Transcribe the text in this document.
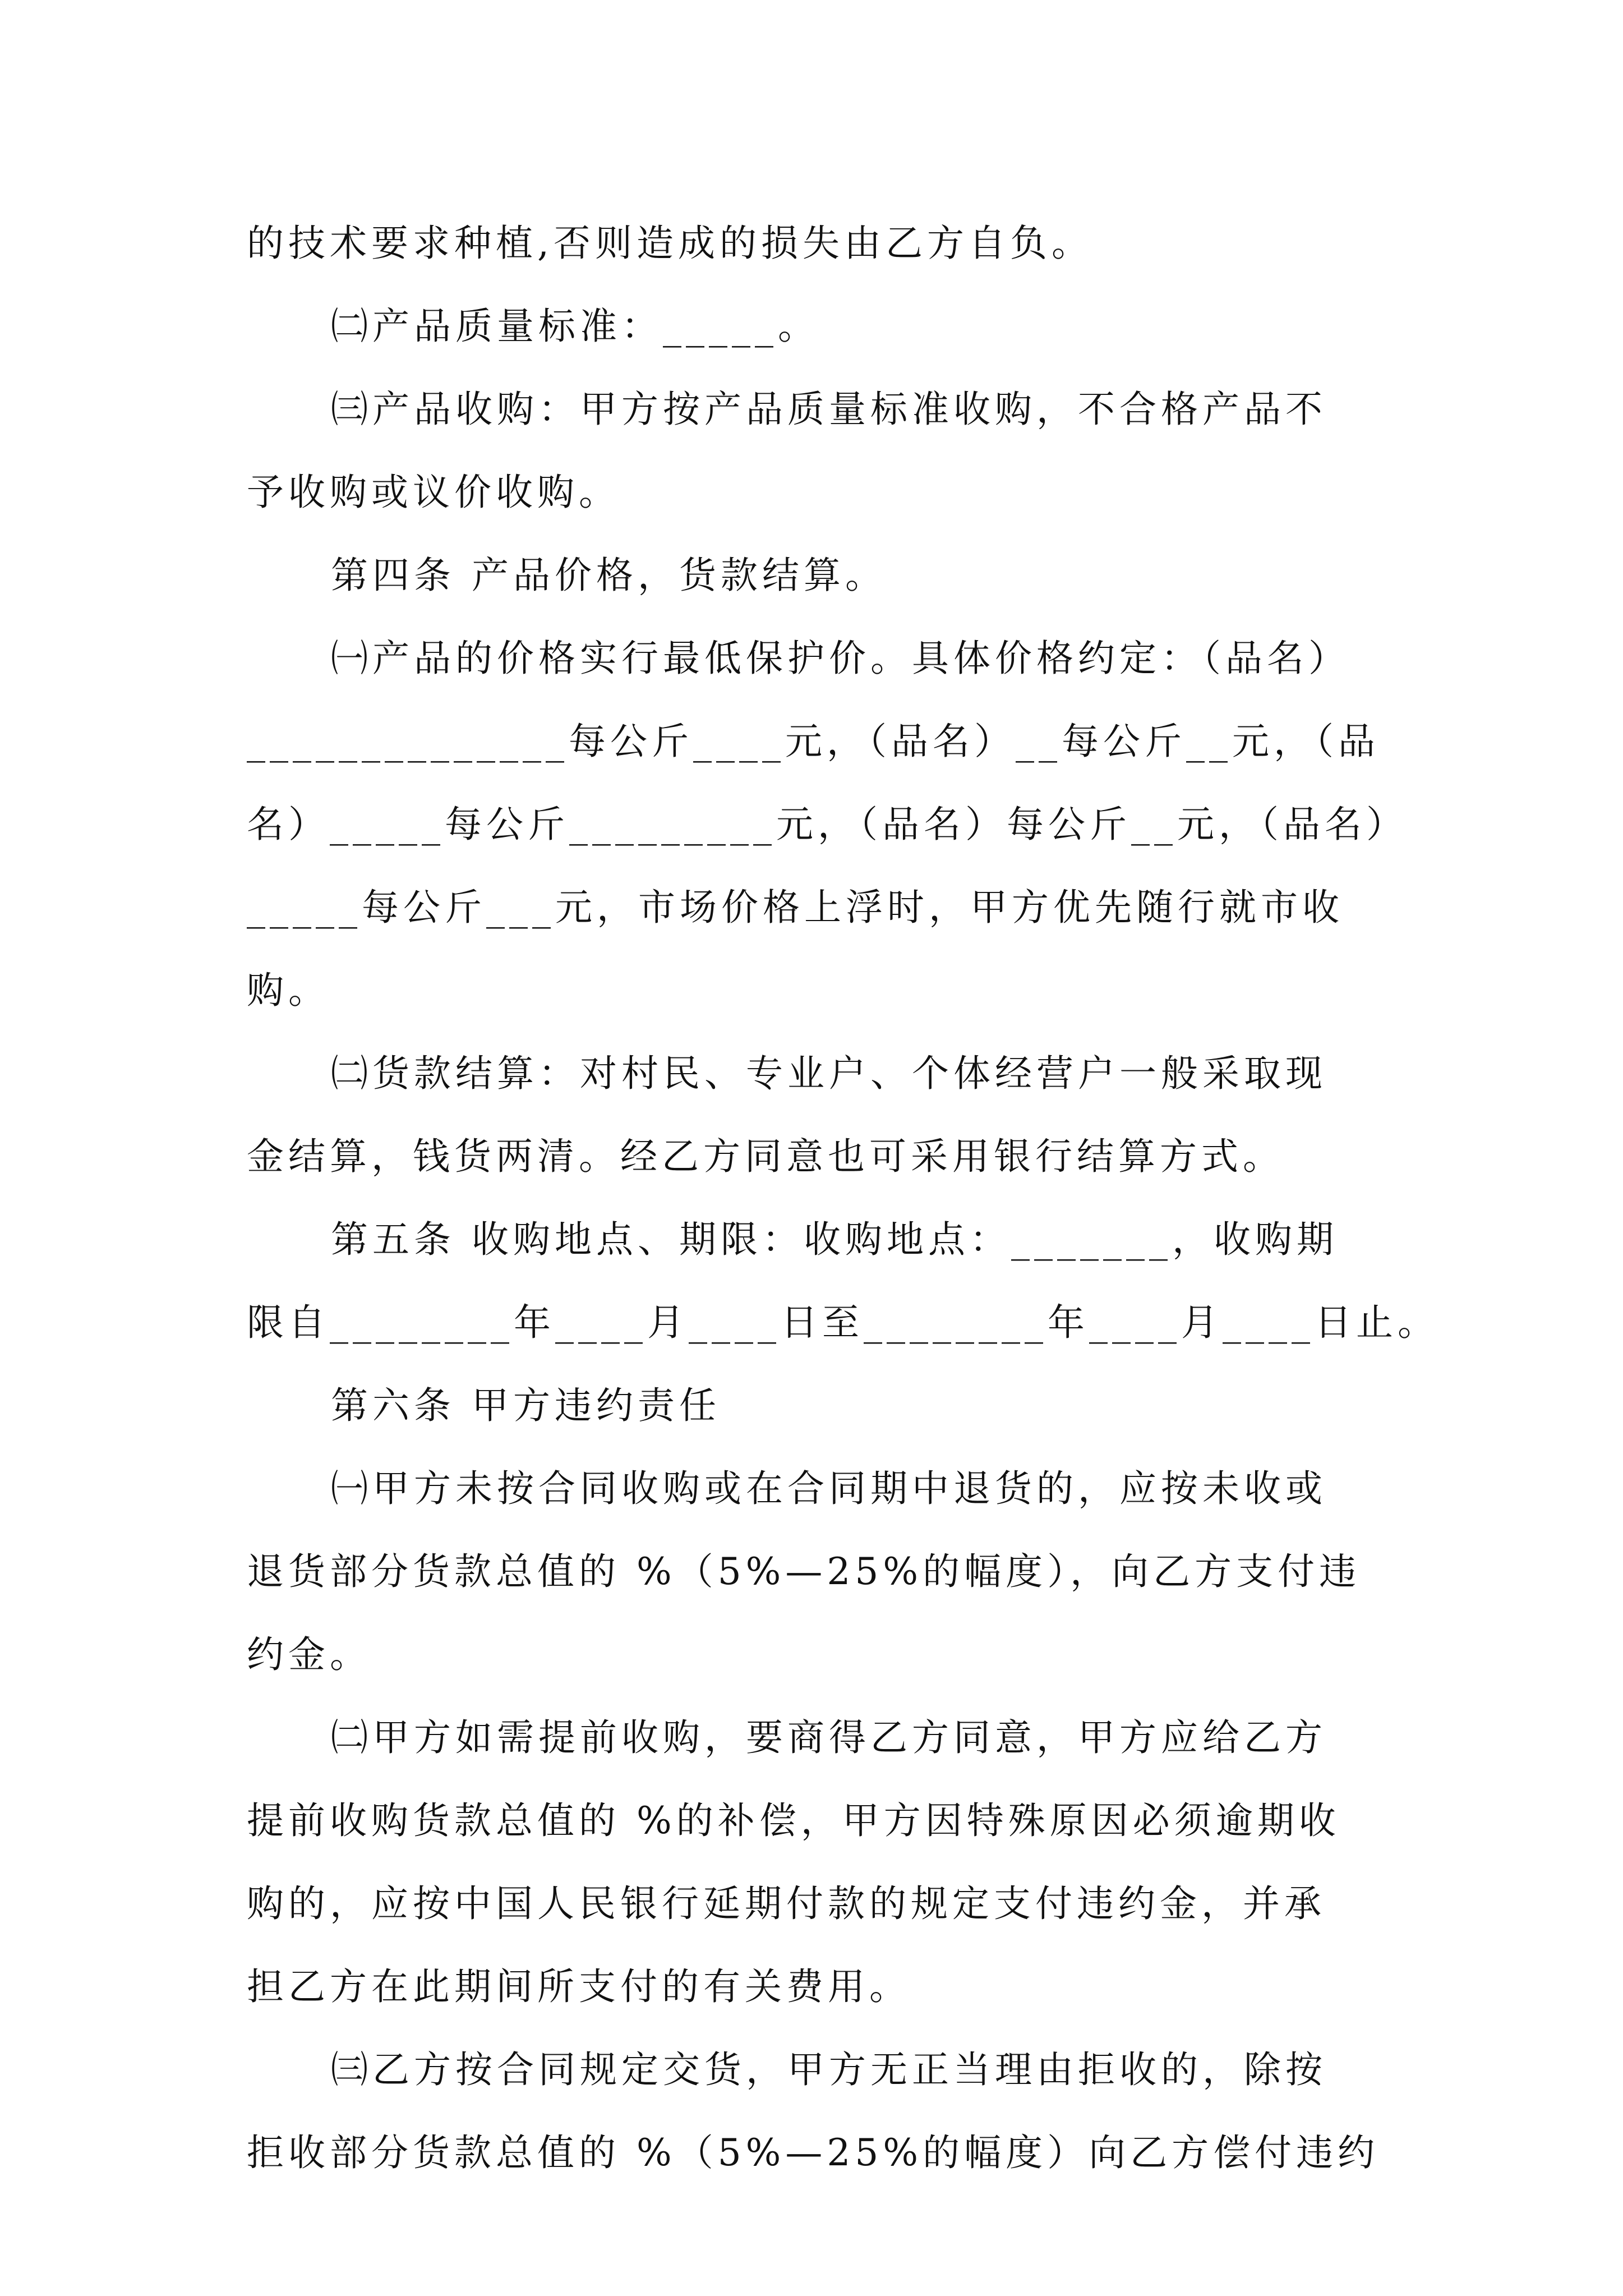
的技术要求种植,否则造成的损失由乙方自负。
㈡产品质量标准：_____。
㈢产品收购：甲方按产品质量标准收购，不合格产品不
予收购或议价收购。
第四条 产品价格，货款结算。
㈠产品的价格实行最低保护价。具体价格约定：（品名）
______________每公斤____元，（品名）__每公斤__元，（品
名）_____每公斤_________元，（品名）每公斤__元，（品名）
_____每公斤___元，市场价格上浮时，甲方优先随行就市收
购。
㈡货款结算：对村民、专业户、个体经营户一般采取现
金结算，钱货两清。经乙方同意也可采用银行结算方式。
第五条 收购地点、期限：收购地点：_______，收购期
限自________年____月____日至________年____月____日止。
第六条 甲方违约责任
㈠甲方未按合同收购或在合同期中退货的，应按未收或
退货部分货款总值的 %（5%—25%的幅度），向乙方支付违
约金。
㈡甲方如需提前收购，要商得乙方同意，甲方应给乙方
提前收购货款总值的 %的补偿，甲方因特殊原因必须逾期收
购的，应按中国人民银行延期付款的规定支付违约金，并承
担乙方在此期间所支付的有关费用。
㈢乙方按合同规定交货，甲方无正当理由拒收的，除按
拒收部分货款总值的 %（5%—25%的幅度）向乙方偿付违约
